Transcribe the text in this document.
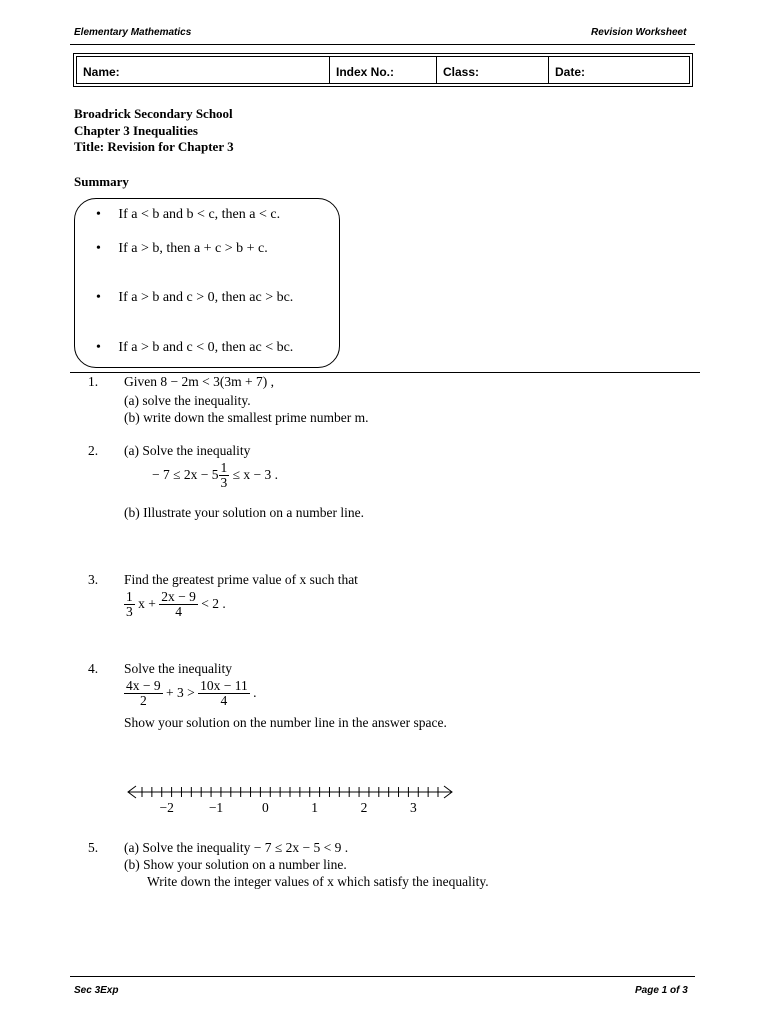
Elementary Mathematics	Revision Worksheet
Name:	Index No.:	Class:	Date:
Broadrick Secondary School
Chapter 3 Inequalities
Title: Revision for Chapter 3
Summary
•     If a < b and b < c, then a < c.
•     If a > b, then a + c > b + c.
•     If a > b and c > 0, then ac > bc.
•     If a > b and c < 0, then ac < bc.
1. Given 8 − 2m < 3(3m + 7) ,
(a) solve the inequality.
(b) write down the smallest prime number m.
2. (a) Solve the inequality
− $7 \le 2x - 5 \frac{1}{3} \le x - 3$ .
(b) Illustrate your solution on a number line.
3. Find the greatest prime value of x such that
$\frac{1}{3}$ $x + \frac{2x - 9}{4} < 2$ .
4. Solve the inequality
$\frac{4x - 9}{2} + 3 > \frac{10x - 11}{4}$ .
Show your solution on the number line in the answer space.
−2	−1	0	1	2	3
5. (a) Solve the inequality − 7 ≤ 2x − 5 < 9 .
(b) Show your solution on a number line.
Write down the integer values of x which satisfy the inequality.
Sec 3Exp	Page 1 of 3
